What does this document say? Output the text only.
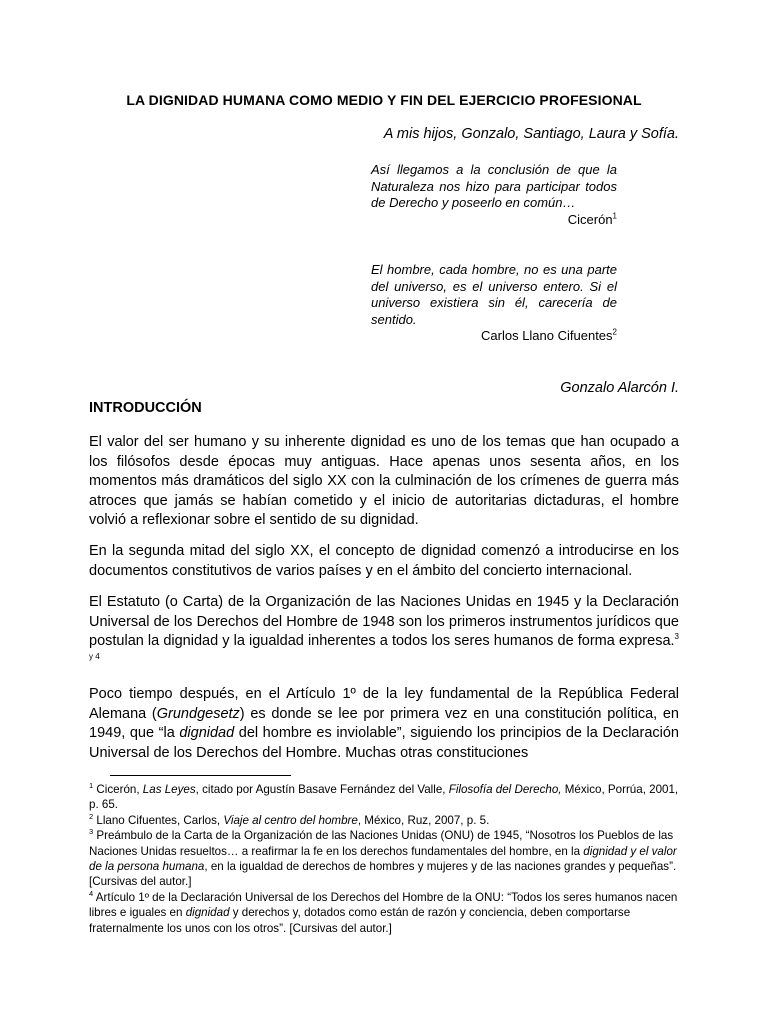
LA DIGNIDAD HUMANA COMO MEDIO Y FIN DEL EJERCICIO PROFESIONAL
A mis hijos, Gonzalo, Santiago, Laura y Sofía.

Así llegamos a la conclusión de que la Naturaleza nos hizo para participar todos de Derecho y poseerlo en común…

Cicerón$^1$

El hombre, cada hombre, no es una parte del universo, es el universo entero. Si el universo existiera sin él, carecería de sentido.

Carlos Llano Cifuentes$^2$

Gonzalo Alarcón I.
INTRODUCCIÓN
El valor del ser humano y su inherente dignidad es uno de los temas que han ocupado a los filósofos desde épocas muy antiguas. Hace apenas unos sesenta años, en los momentos más dramáticos del siglo XX con la culminación de los crímenes de guerra más atroces que jamás se habían cometido y el inicio de autoritarias dictaduras, el hombre volvió a reflexionar sobre el sentido de su dignidad.
En la segunda mitad del siglo XX, el concepto de dignidad comenzó a introducirse en los documentos constitutivos de varios países y en el ámbito del concierto internacional.
El Estatuto (o Carta) de la Organización de las Naciones Unidas en 1945 y la Declaración Universal de los Derechos del Hombre de 1948 son los primeros instrumentos jurídicos que postulan la dignidad y la igualdad inherentes a todos los seres humanos de forma expresa.$^{3 y 4}$
Poco tiempo después, en el Artículo 1º de la ley fundamental de la República Federal Alemana (Grundgesetz) es donde se lee por primera vez en una constitución política, en 1949, que “la dignidad del hombre es inviolable”, siguiendo los principios de la Declaración Universal de los Derechos del Hombre. Muchas otras constituciones

$^1$ Cicerón, Las Leyes, citado por Agustín Basave Fernández del Valle, Filosofía del Derecho, México, Porrúa, 2001, p. 65.

$^2$ Llano Cifuentes, Carlos, Viaje al centro del hombre, México, Ruz, 2007, p. 5.

$^3$ Preámbulo de la Carta de la Organización de las Naciones Unidas (ONU) de 1945, “Nosotros los Pueblos de las Naciones Unidas resueltos… a reafirmar la fe en los derechos fundamentales del hombre, en la dignidad y el valor de la persona humana, en la igualdad de derechos de hombres y mujeres y de las naciones grandes y pequeñas”. [Cursivas del autor.]

$^4$ Artículo 1º de la Declaración Universal de los Derechos del Hombre de la ONU: “Todos los seres humanos nacen libres e iguales en dignidad y derechos y, dotados como están de razón y conciencia, deben comportarse fraternalmente los unos con los otros”. [Cursivas del autor.]
